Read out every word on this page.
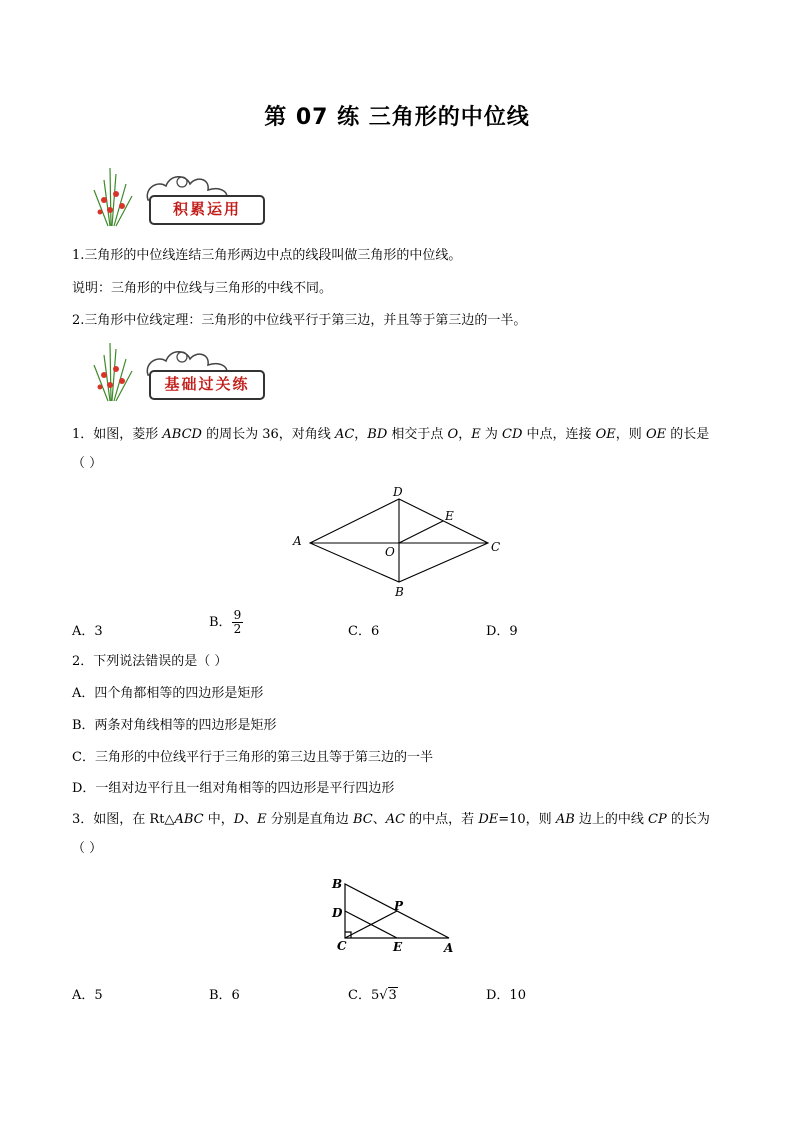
第 07 练 三角形的中位线
积累运用
1.三角形的中位线连结三角形两边中点的线段叫做三角形的中位线。
说明：三角形的中位线与三角形的中线不同。
2.三角形中位线定理：三角形的中位线平行于第三边，并且等于第三边的一半。
基础过关练
1．如图，菱形 ABCD 的周长为 36，对角线 AC，BD 相交于点 O，E 为 CD 中点，连接 OE，则 OE 的长是
（ ）
A
D
E
C
O
B
A．3
B． $\frac{9}{2}$	C．6	D．9
2．下列说法错误的是（ ）
A．四个角都相等的四边形是矩形
B．两条对角线相等的四边形是矩形
C．三角形的中位线平行于三角形的第三边且等于第三边的一半
D．一组对边平行且一组对角相等的四边形是平行四边形
3．如图，在 Rt△ABC 中，D、E 分别是直角边 BC、AC 的中点，若 DE=10，则 AB 边上的中线 CP 的长为
（ ）
B
D
C	E	A
P
A．5	B．6	C．5√3	D．10
